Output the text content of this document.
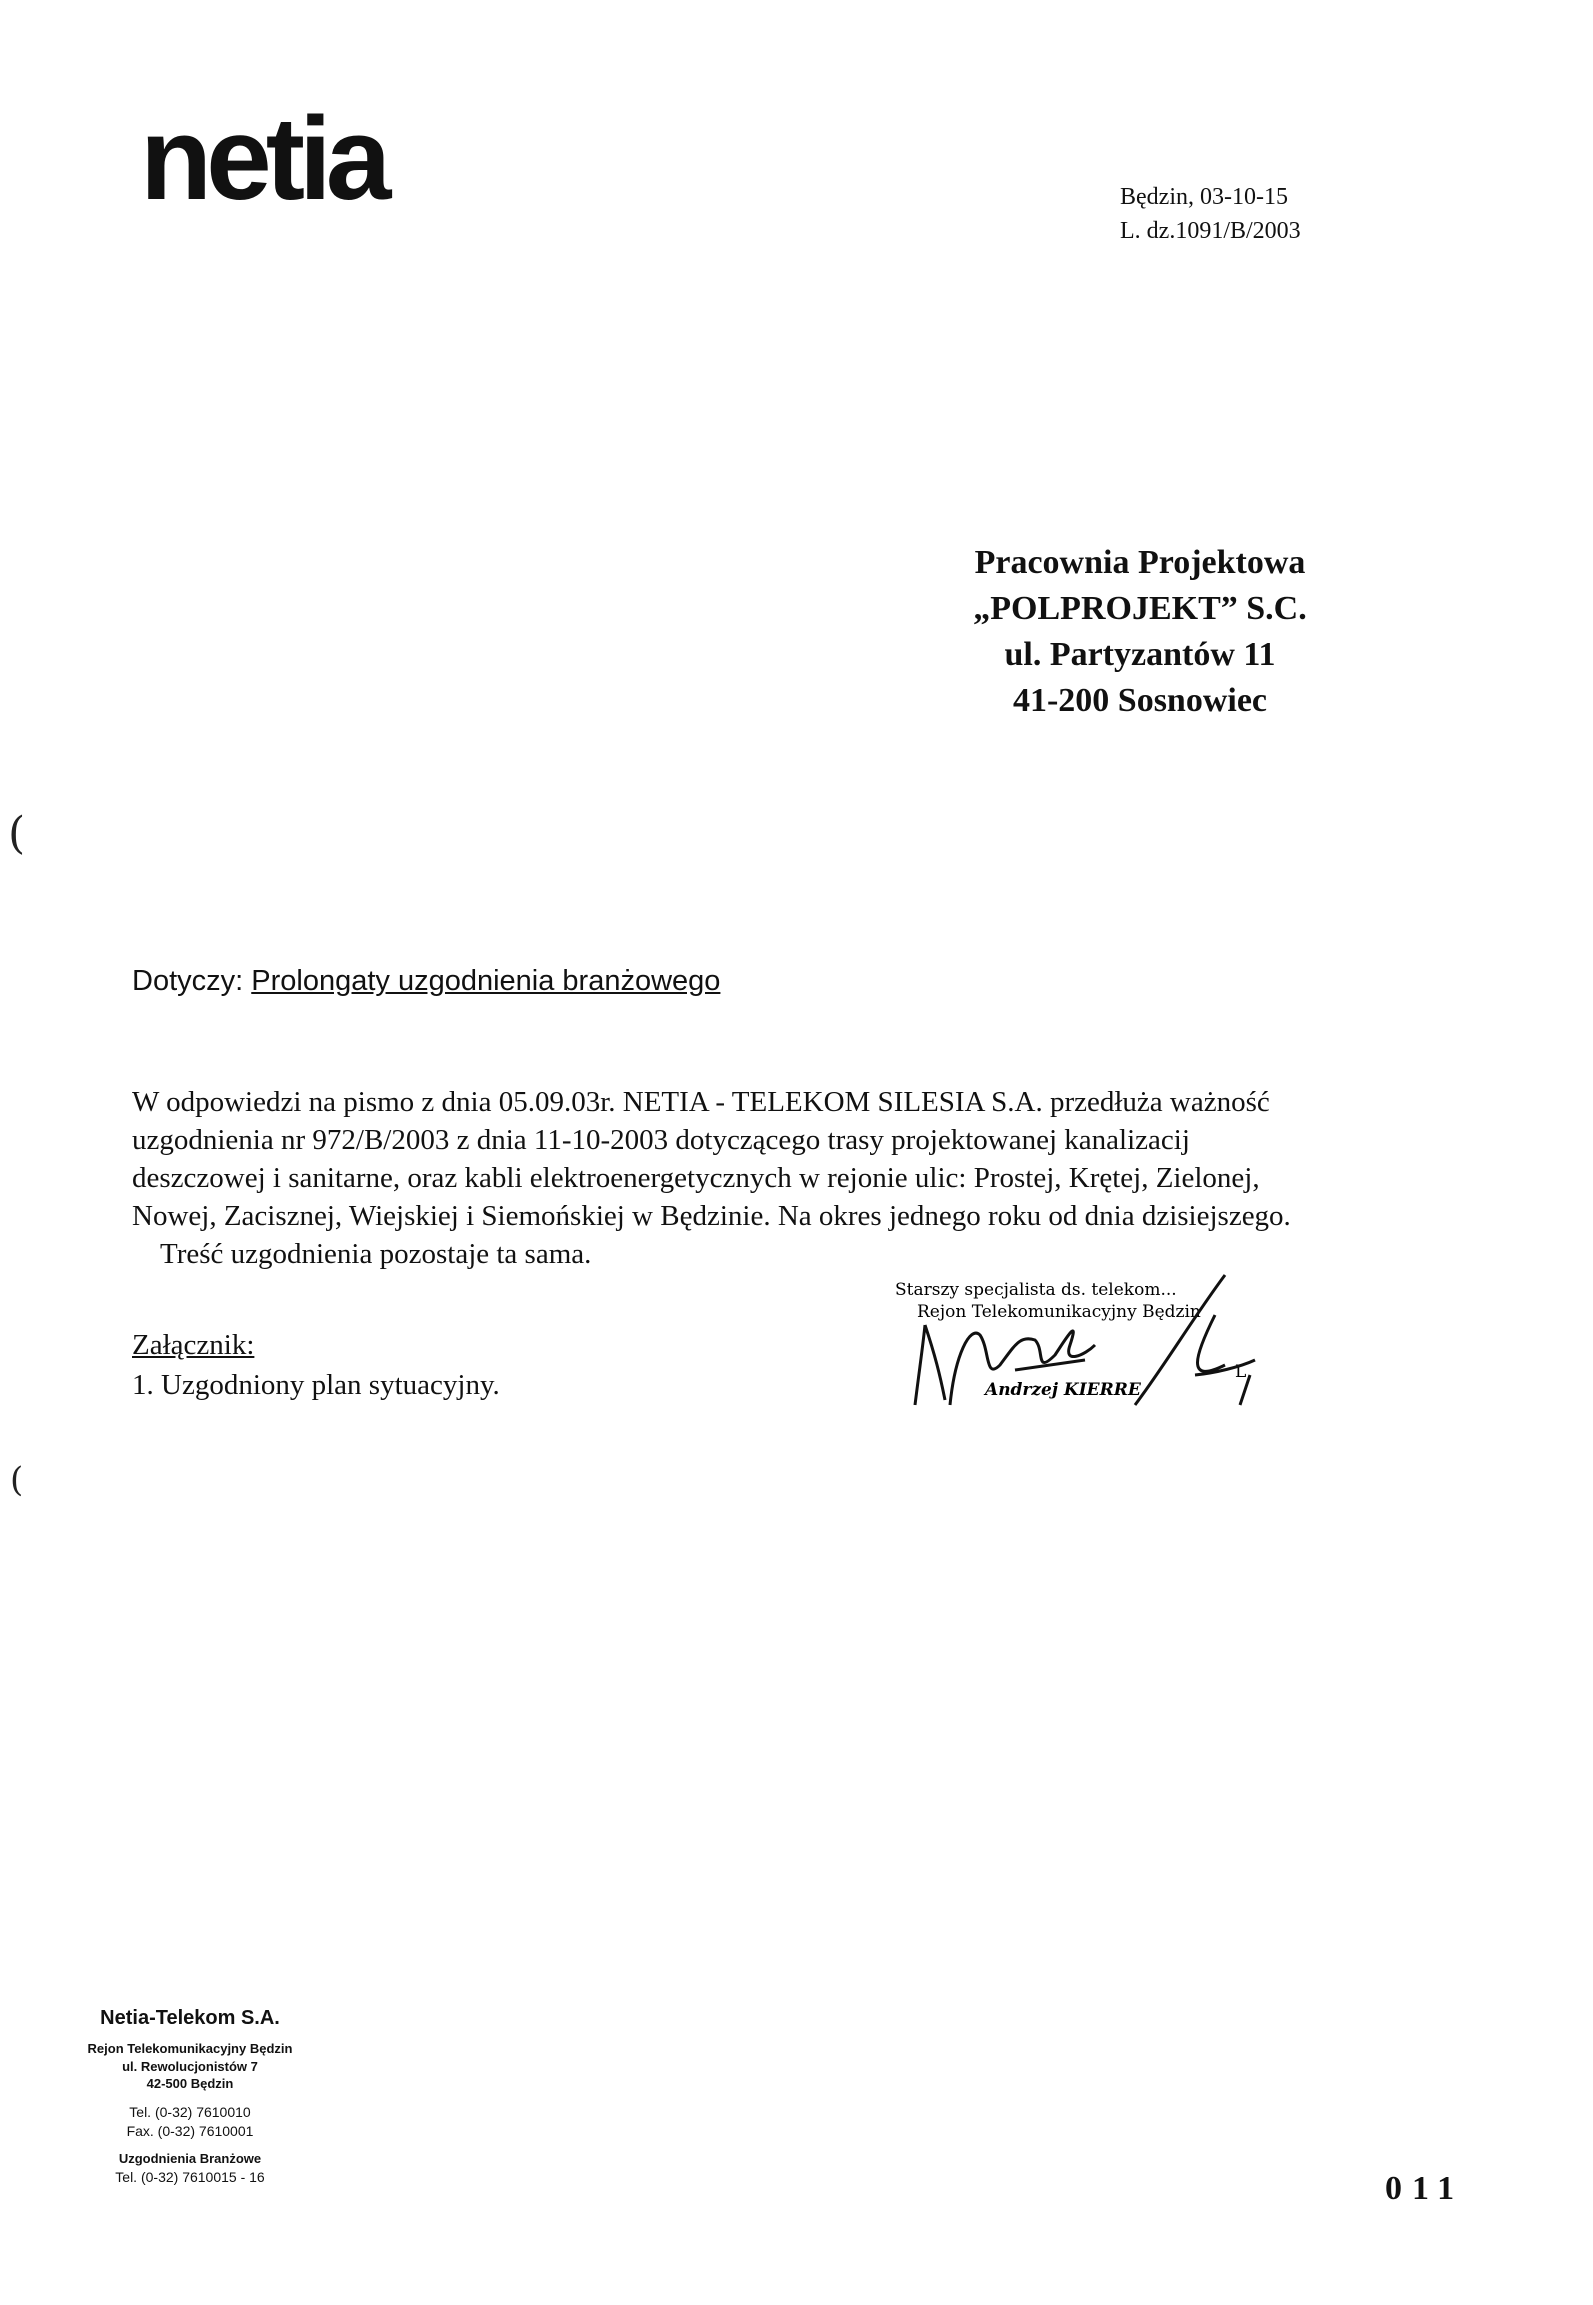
netia	Będzin, 03-10-15
L. dz.1091/B/2003
Pracownia Projektowa
„POLPROJEKT” S.C.
ul. Partyzantów 11
41-200 Sosnowiec
(
(
Dotyczy: Prolongaty uzgodnienia branżowego

W odpowiedzi na pismo z dnia 05.09.03r. NETIA - TELEKOM SILESIA S.A. przedłuża ważność

uzgodnienia nr 972/B/2003 z dnia 11-10-2003 dotyczącego trasy projektowanej kanalizacij

deszczowej i sanitarne, oraz kabli elektroenergetycznych w rejonie ulic: Prostej, Krętej, Zielonej,

Nowej, Zacisznej, Wiejskiej i Siemońskiej w Będzinie. Na okres jednego roku od dnia dzisiejszego.

Treść uzgodnienia pozostaje ta sama.

Załącznik:
1. Uzgodniony plan sytuacyjny.
Starszy specjalista ds. telekom...
Rejon Telekomunikacyjny Będzin
Andrzej KIERRE
L
Netia-Telekom S.A.
Rejon Telekomunikacyjny Będzin
ul. Rewolucjonistów 7
42-500 Będzin
Tel. (0-32) 7610010
Fax. (0-32) 7610001
Uzgodnienia Branżowe
Tel. (0-32) 7610015 - 16	011
